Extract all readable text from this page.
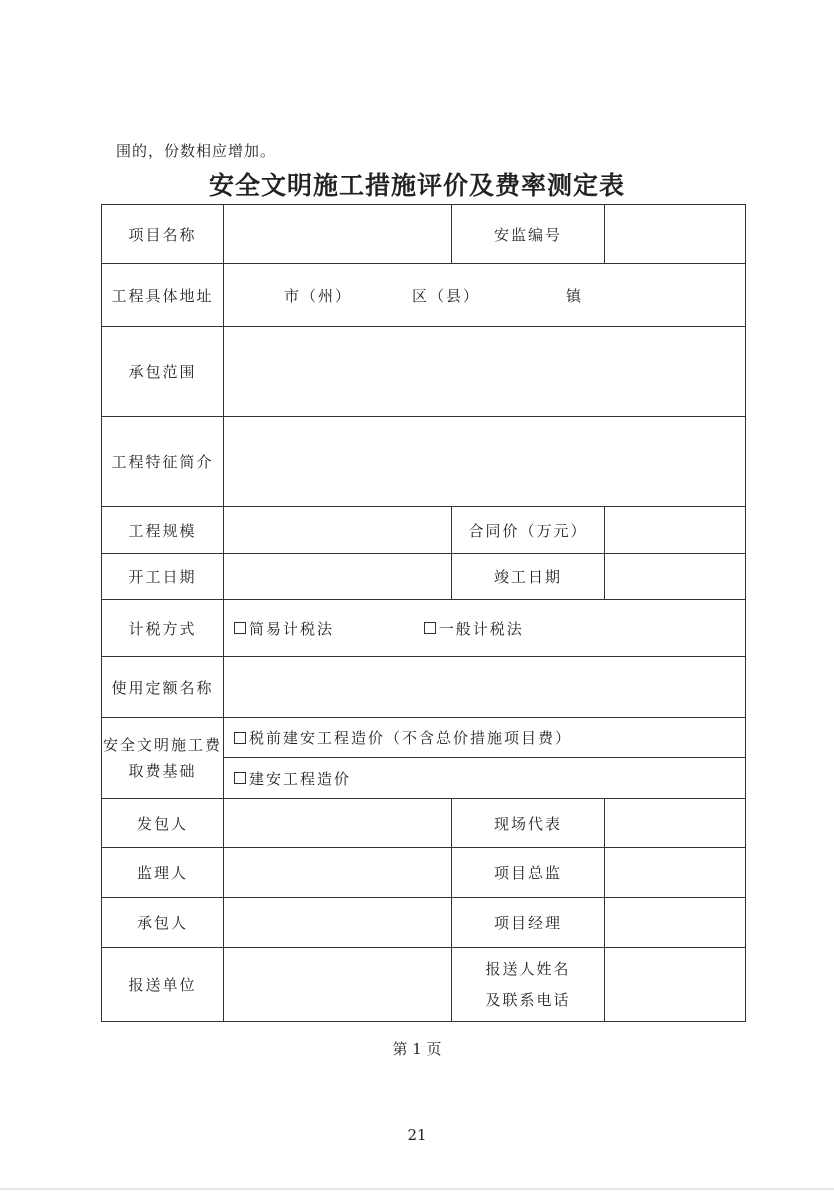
围的，份数相应增加。
安全文明施工措施评价及费率测定表
项目名称		安监编号	
工程具体地址	市（州） 区（县） 镇		

承包范围			
工程特征简介			
工程规模		合同价（万元）	
开工日期		竣工日期	
计税方式	简易计税法
一般计税法		

使用定额名称			
安全文明施工费取费基础	税前建安工程造价（不含总价措施项目费）		

	建安工程造价		

发包人		现场代表	
监理人		项目总监	
承包人		项目经理	
报送单位		报送人姓名
及联系电话	

第 1 页
21
